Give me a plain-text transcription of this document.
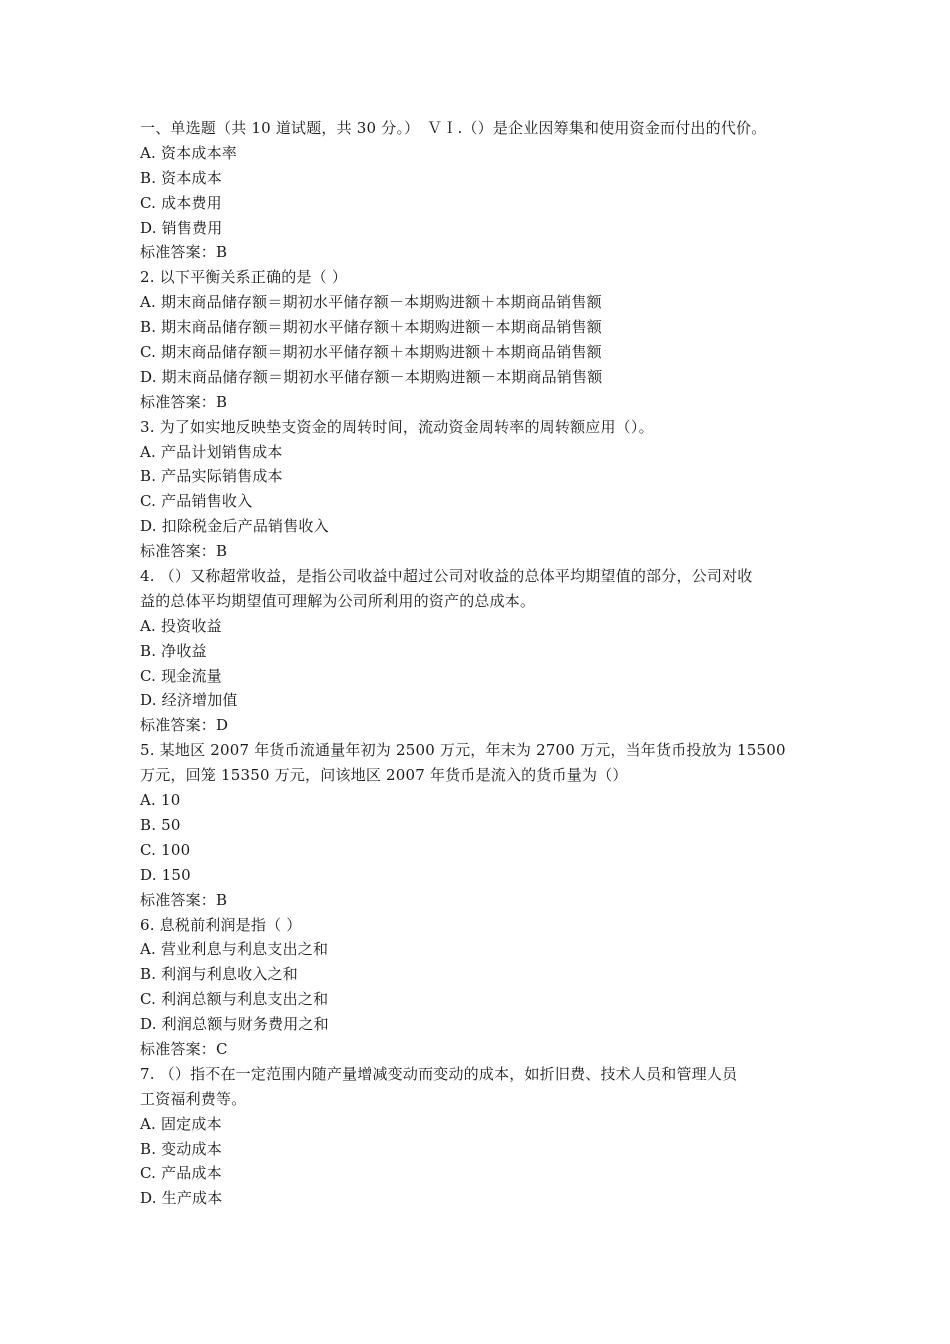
一、单选题（共 10 道试题，共 30 分。）　ＶＩ.（）是企业因筹集和使用资金而付出的代价。
A. 资本成本率
B. 资本成本
C. 成本费用
D. 销售费用
标准答案：B
2. 以下平衡关系正确的是（ ）
A. 期末商品储存额＝期初水平储存额－本期购进额＋本期商品销售额
B. 期末商品储存额＝期初水平储存额＋本期购进额－本期商品销售额
C. 期末商品储存额＝期初水平储存额＋本期购进额＋本期商品销售额
D. 期末商品储存额＝期初水平储存额－本期购进额－本期商品销售额
标准答案：B
3. 为了如实地反映垫支资金的周转时间，流动资金周转率的周转额应用（）。
A. 产品计划销售成本
B. 产品实际销售成本
C. 产品销售收入
D. 扣除税金后产品销售收入
标准答案：B
4. （）又称超常收益，是指公司收益中超过公司对收益的总体平均期望值的部分，公司对收
益的总体平均期望值可理解为公司所利用的资产的总成本。
A. 投资收益
B. 净收益
C. 现金流量
D. 经济增加值
标准答案：D
5. 某地区 2007 年货币流通量年初为 2500 万元，年末为 2700 万元，当年货币投放为 15500
万元，回笼 15350 万元，问该地区 2007 年货币是流入的货币量为（）
A. 10
B. 50
C. 100
D. 150
标准答案：B
6. 息税前利润是指（ ）
A. 营业利息与利息支出之和
B. 利润与利息收入之和
C. 利润总额与利息支出之和
D. 利润总额与财务费用之和
标准答案：C
7. （）指不在一定范围内随产量增减变动而变动的成本，如折旧费、技术人员和管理人员
工资福利费等。
A. 固定成本
B. 变动成本
C. 产品成本
D. 生产成本
